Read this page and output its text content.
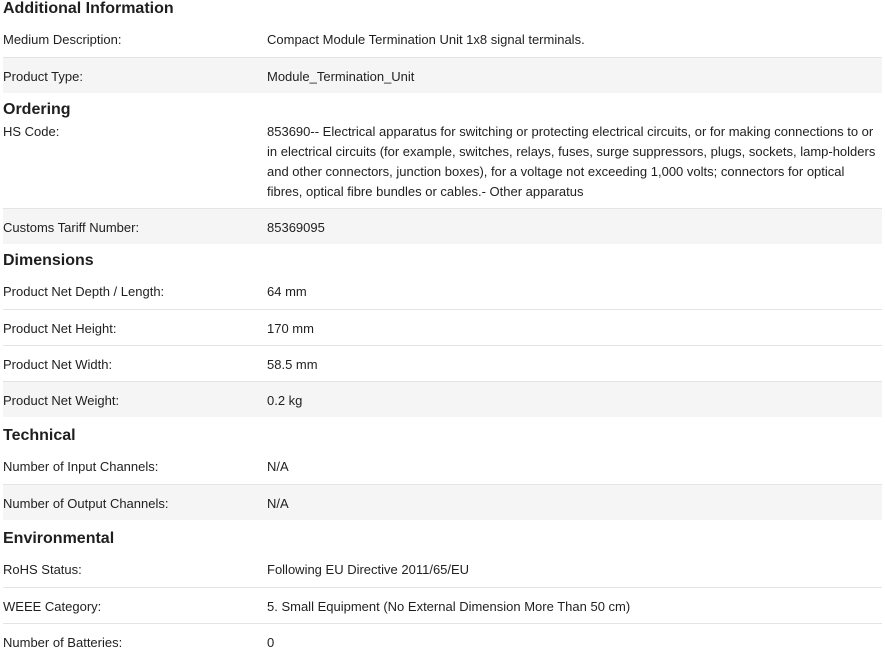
Additional Information
Medium Description:	Compact Module Termination Unit 1x8 signal terminals.
Product Type:	Module_Termination_Unit
Ordering
HS Code:	853690-- Electrical apparatus for switching or protecting electrical circuits, or for making connections to or in electrical circuits (for example, switches, relays, fuses, surge suppressors, plugs, sockets, lamp-holders and other connectors, junction boxes), for a voltage not exceeding 1,000 volts; connectors for optical fibres, optical fibre bundles or cables.- Other apparatus
Customs Tariff Number:	85369095
Dimensions
Product Net Depth / Length:	64 mm
Product Net Height:	170 mm
Product Net Width:	58.5 mm
Product Net Weight:	0.2 kg
Technical
Number of Input Channels:	N/A
Number of Output Channels:	N/A
Environmental
RoHS Status:	Following EU Directive 2011/65/EU
WEEE Category:	5. Small Equipment (No External Dimension More Than 50 cm)
Number of Batteries:	0
